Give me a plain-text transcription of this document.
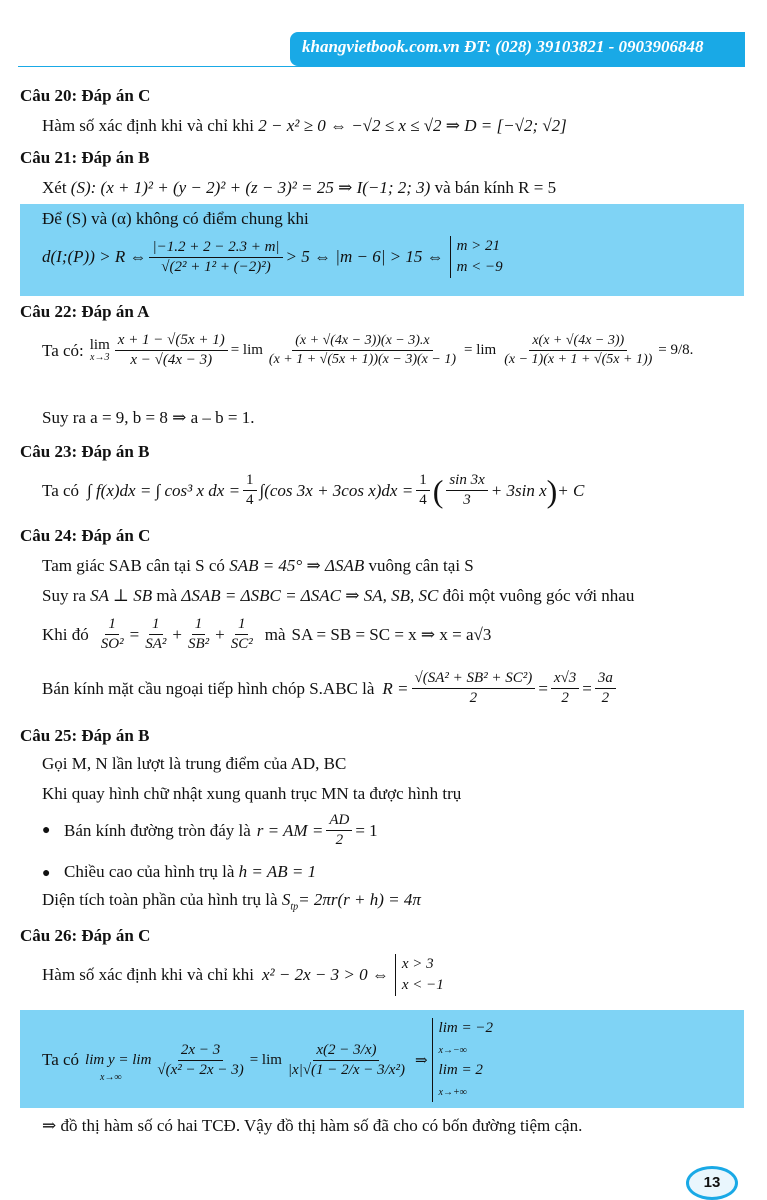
khangvietbook.com.vn ĐT: (028) 39103821 - 0903906848
Câu 20: Đáp án C
Hàm số xác định khi và chỉ khi 2 − x² ≥ 0 ⇔ −√2 ≤ x ≤ √2 ⇒ D = [−√2; √2]
Câu 21: Đáp án B
Xét (S): (x + 1)² + (y − 2)² + (z − 3)² = 25 ⇒ I(−1; 2; 3) và bán kính R = 5
Để (S) và (α) không có điểm chung khi
d(I;(P)) > R ⇔ $\frac{|-1.2 + 2 - 2.3 + m|}{\text{√(2² + 1² + (−2)²)}} > 5$ ⇔ |m − 6| > 15 ⇔
m > 21
m < −9
Câu 22: Đáp án A
Ta có: lim
$x\to 3 \frac{x + 1 - √(5x + 1)}{x - √(4x - 3)} = \lim \frac{(x + √(4x - 3))(x - 3).x}{(x + 1 + √(5x + 1))(x - 3)(x - 1)} = \lim \frac{x(x + √(4x - 3))}{(x - 1)(x + 1 + √(5x + 1))} = 9/8$.
Suy ra a = 9, b = 8 ⇒ a – b = 1.
Câu 23: Đáp án B
Ta có ∫ f(x)dx = ∫ cos³ x dx = $\frac{1}{4} \int(\cos$ 3x + 3cos $x)dx = \frac{1}{4}$ ( $\frac{\sin 3x}{3} + 3\sin$ x ) + C
Câu 24: Đáp án C
Tam giác SAB cân tại S có SAB = 45° ⇒ ΔSAB vuông cân tại S
Suy ra SA ⊥ SB mà ΔSAB = ΔSBC = ΔSAC ⇒ SA, SB, SC đôi một vuông góc với nhau
Khi đó $\frac{1}{\text{SO²}} = \frac{1}{\text{SA²}} + \frac{1}{\text{SB²}} + \frac{1}{\text{SC²}}$ mà SA = SB = SC = x ⇒ x = a√3
Bán kính mặt cầu ngoại tiếp hình chóp S.ABC là $R = \frac{\text{√(SA² + SB² + SC²)}}{2} = \frac{x√3}{2} = \frac{3a}{2}$
Câu 25: Đáp án B
Gọi M, N lần lượt là trung điểm của AD, BC
Khi quay hình chữ nhật xung quanh trục MN ta được hình trụ
● Bán kính đường tròn đáy là r = AM = $\frac{AD}{2} = 1$
● Chiều cao của hình trụ là h = AB = 1
Diện tích toàn phần của hình trụ là $S_{tp}= 2\pi r(r + h) = 4\pi$
Câu 26: Đáp án C
Hàm số xác định khi và chỉ khi x² − 2x − 3 > 0 ⇔
x > 3
x < −1
Ta có $\lim y = \lim \frac{2x - 3}{\text{√(x² − 2x − 3)}} = \lim \frac{x(2 - 3/x)}{\text{|x|√(1 − 2/x − 3/x²)}}$ ⇒
lim = −2
x→−∞
lim = 2
x→+∞
x→∞
⇒ đồ thị hàm số có hai TCĐ. Vậy đồ thị hàm số đã cho có bốn đường tiệm cận.
13
